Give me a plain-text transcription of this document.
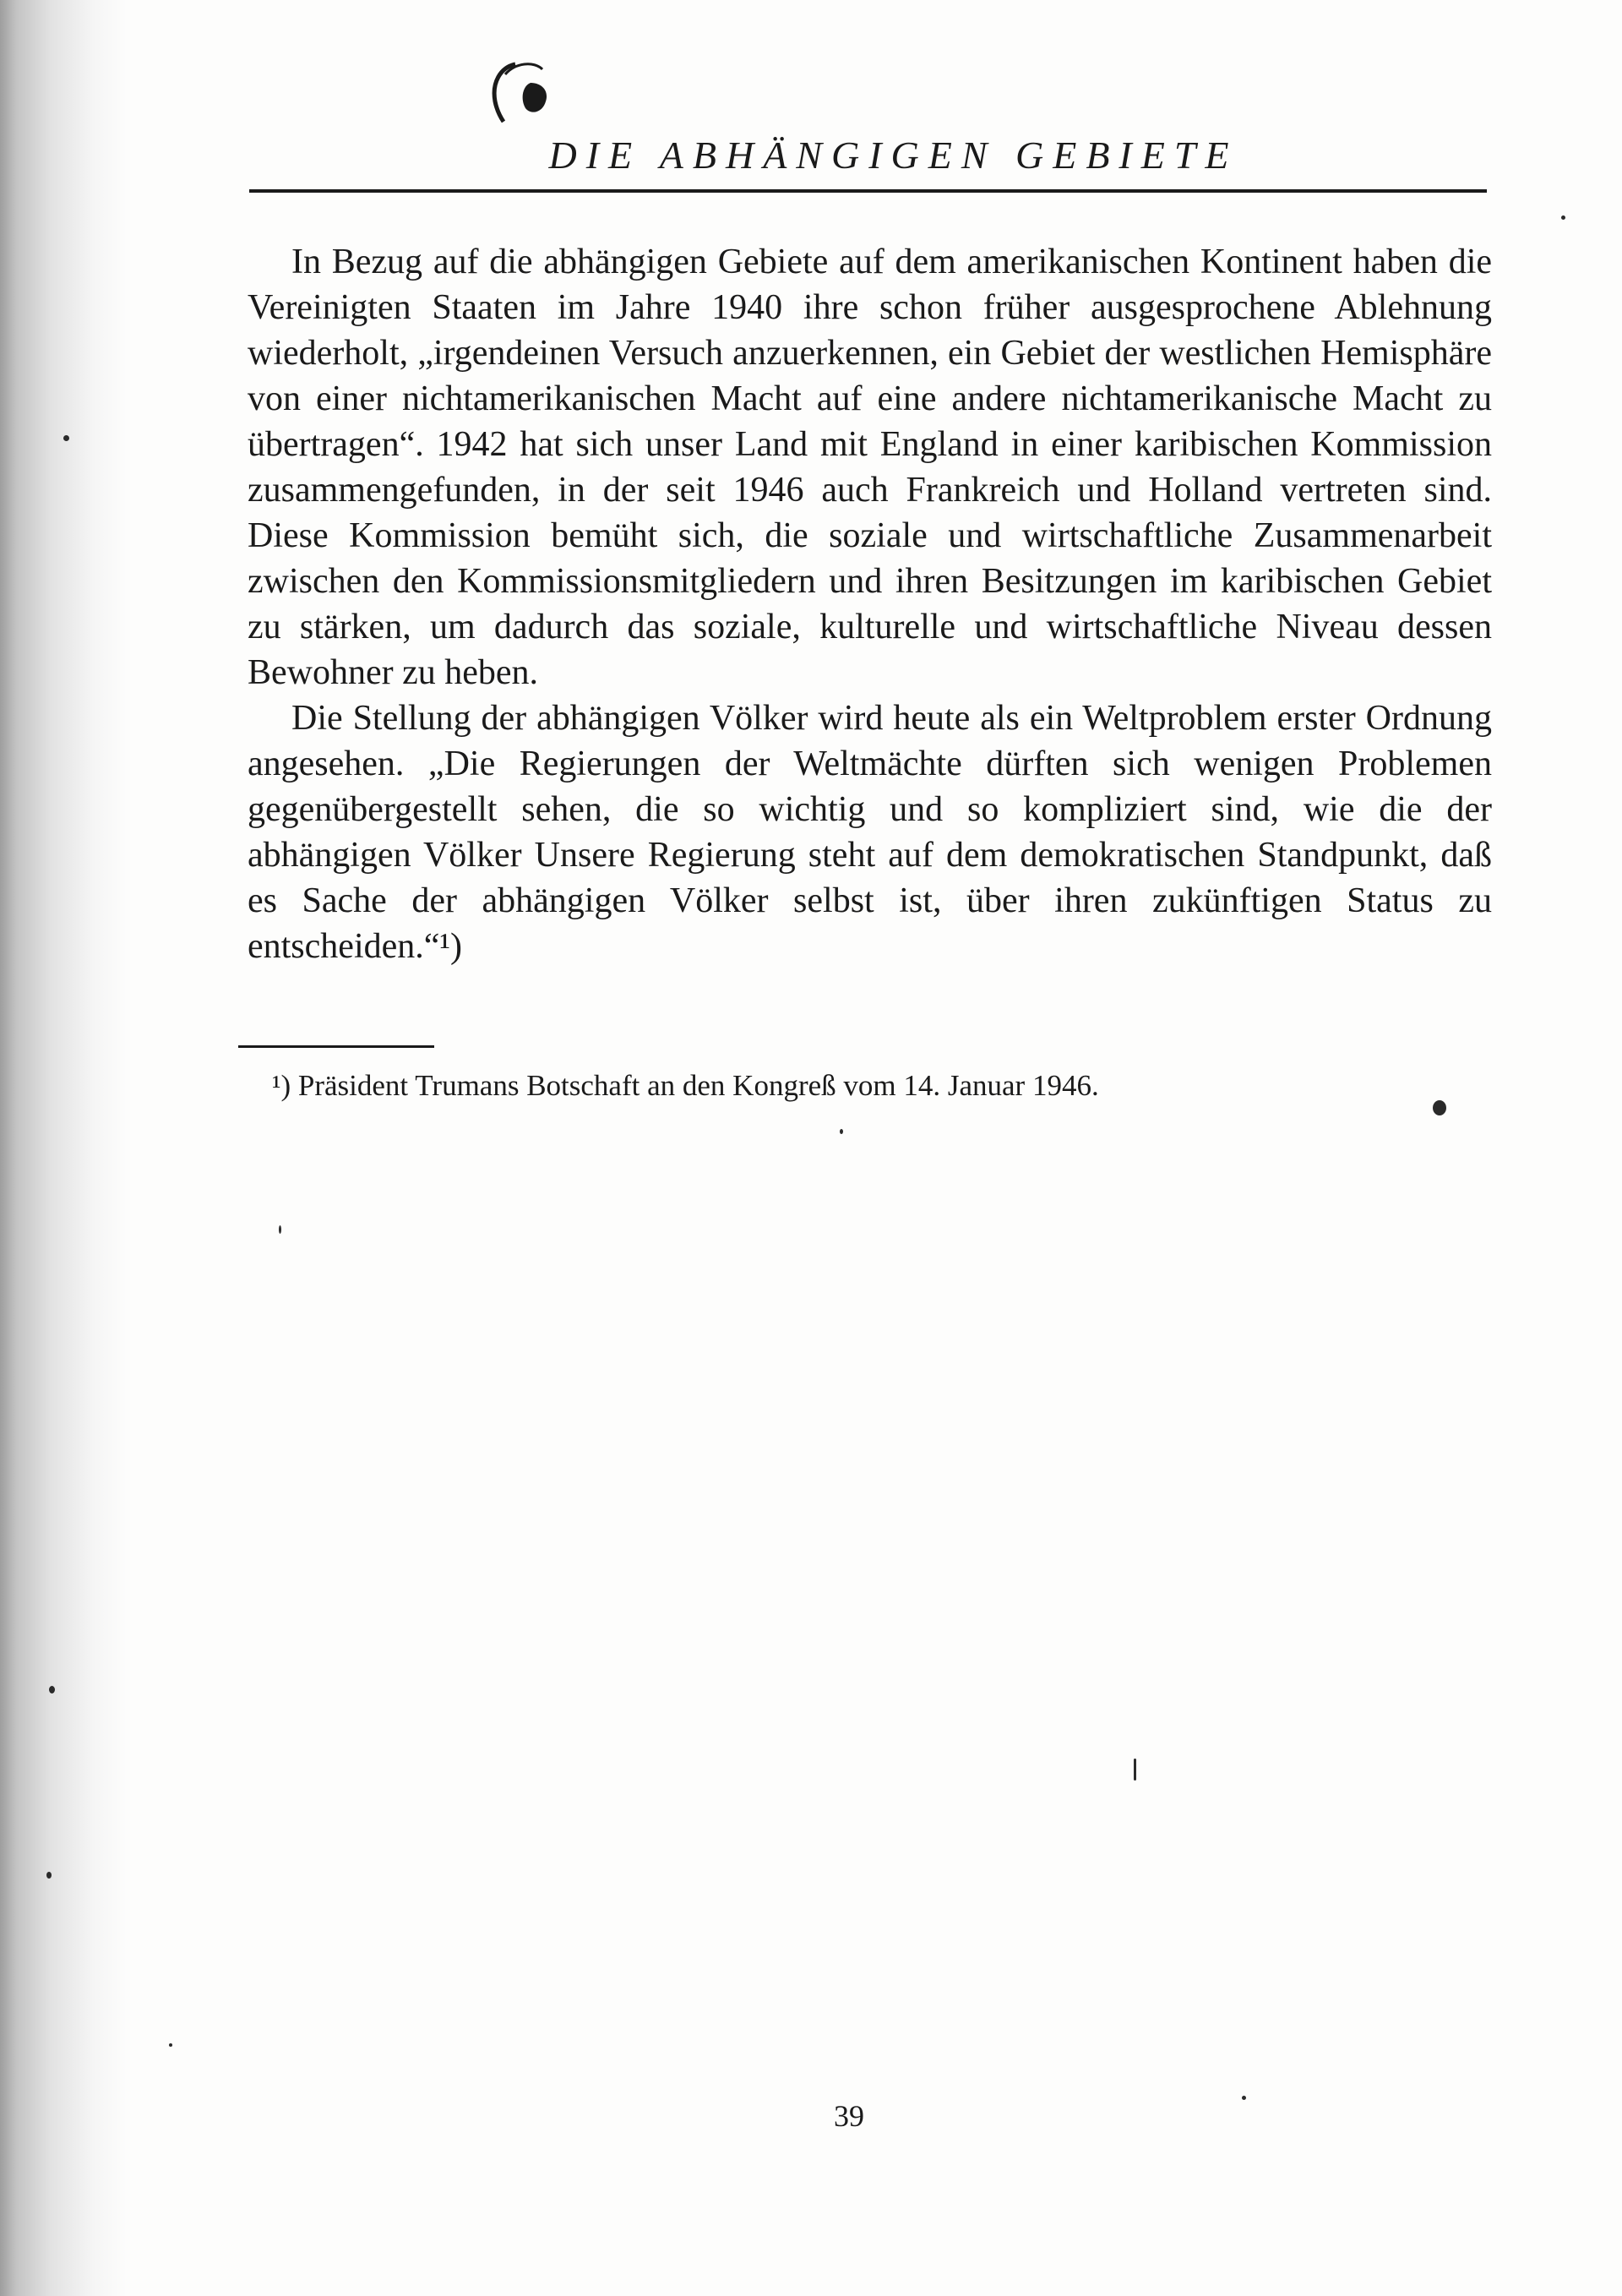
DIE ABHÄNGIGEN GEBIETE

In Bezug auf die abhängigen Gebiete auf dem amerikanischen Kontinent haben die Vereinigten Staaten im Jahre 1940 ihre schon früher ausgesprochene Ablehnung wiederholt, „irgendeinen Versuch anzuerkennen, ein Gebiet der westlichen Hemisphäre von einer nichtamerikanischen Macht auf eine andere nichtamerikanische Macht zu übertragen“. 1942 hat sich unser Land mit England in einer karibischen Kommission zusammengefunden, in der seit 1946 auch Frankreich und Holland vertreten sind. Diese Kommission bemüht sich, die soziale und wirtschaftliche Zusammenarbeit zwischen den Kommissionsmitgliedern und ihren Besitzungen im karibischen Gebiet zu stärken, um dadurch das soziale, kulturelle und wirtschaftliche Niveau dessen Bewohner zu heben.

Die Stellung der abhängigen Völker wird heute als ein Weltproblem erster Ordnung angesehen. „Die Regierungen der Weltmächte dürften sich wenigen Problemen gegenübergestellt sehen, die so wichtig und so kompliziert sind, wie die der abhängigen Völker Unsere Regierung steht auf dem demokratischen Standpunkt, daß es Sache der abhängigen Völker selbst ist, über ihren zukünftigen Status zu entscheiden.“¹)

¹) Präsident Trumans Botschaft an den Kongreß vom 14. Januar 1946.

39
